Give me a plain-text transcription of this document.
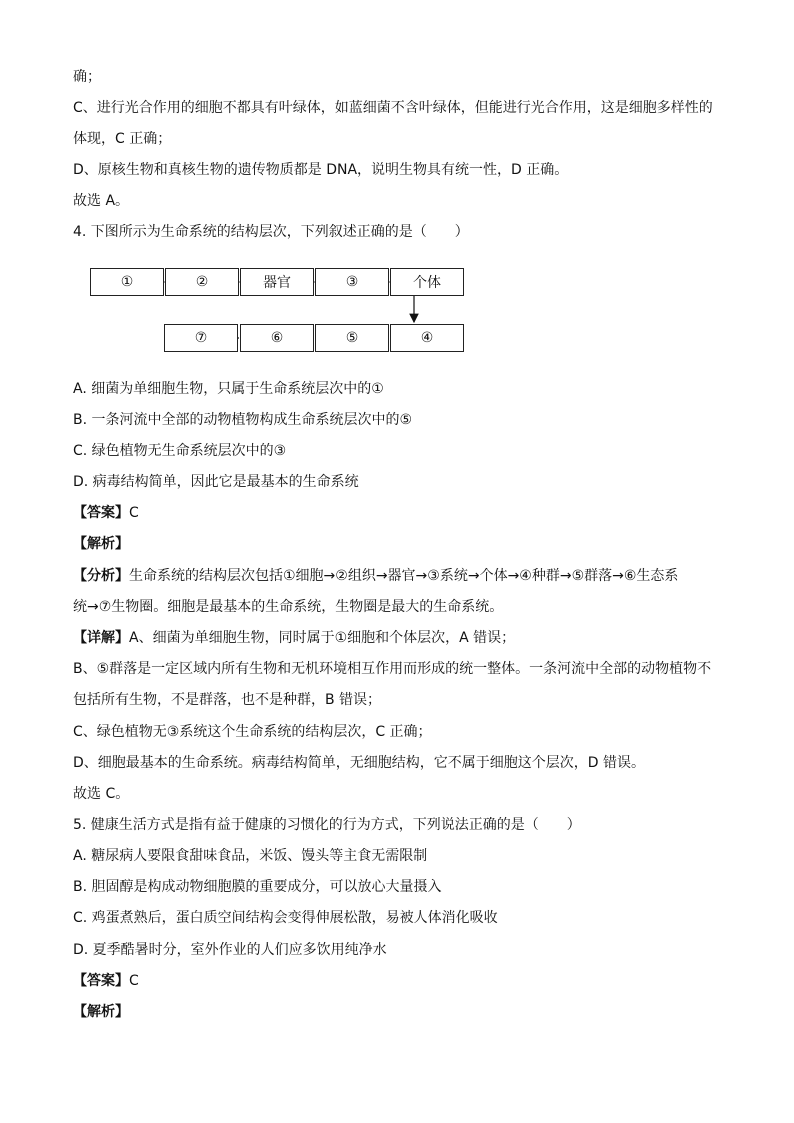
确；
C、进行光合作用的细胞不都具有叶绿体，如蓝细菌不含叶绿体，但能进行光合作用，这是细胞多样性的
体现，C 正确；
D、原核生物和真核生物的遗传物质都是 DNA，说明生物具有统一性，D 正确。
故选 A。
4. 下图所示为生命系统的结构层次，下列叙述正确的是（　　）
①	②	器官	③	个体
⑦	⑥	⑤	④
A. 细菌为单细胞生物，只属于生命系统层次中的①
B. 一条河流中全部的动物植物构成生命系统层次中的⑤
C. 绿色植物无生命系统层次中的③
D. 病毒结构简单，因此它是最基本的生命系统
【答案】C
【解析】
【分析】生命系统的结构层次包括①细胞→②组织→器官→③系统→个体→④种群→⑤群落→⑥生态系
统→⑦生物圈。细胞是最基本的生命系统，生物圈是最大的生命系统。
【详解】A、细菌为单细胞生物，同时属于①细胞和个体层次，A 错误；
B、⑤群落是一定区域内所有生物和无机环境相互作用而形成的统一整体。一条河流中全部的动物植物不
包括所有生物，不是群落，也不是种群，B 错误；
C、绿色植物无③系统这个生命系统的结构层次，C 正确；
D、细胞最基本的生命系统。病毒结构简单，无细胞结构，它不属于细胞这个层次，D 错误。
故选 C。
5. 健康生活方式是指有益于健康的习惯化的行为方式，下列说法正确的是（　　）
A. 糖尿病人要限食甜味食品，米饭、馒头等主食无需限制
B. 胆固醇是构成动物细胞膜的重要成分，可以放心大量摄入
C. 鸡蛋煮熟后，蛋白质空间结构会变得伸展松散，易被人体消化吸收
D. 夏季酷暑时分，室外作业的人们应多饮用纯净水
【答案】C
【解析】
